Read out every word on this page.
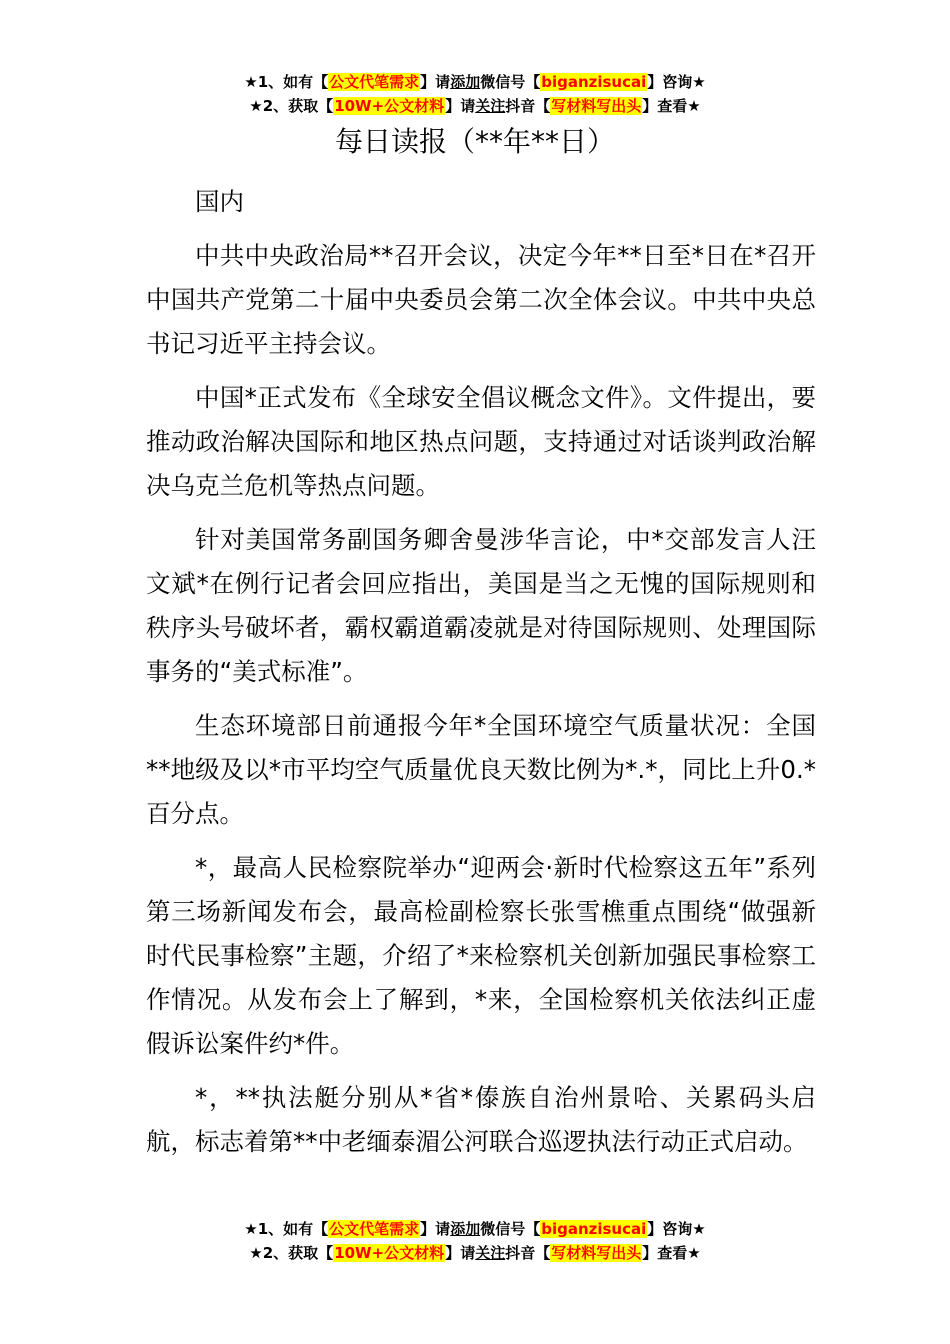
★1、如有【公文代笔需求】请添加微信号【biganzisucai】咨询★
★2、获取【10W+公文材料】请关注抖音【写材料写出头】查看★
每日读报（**年**日）

国内

中共中央政治局**召开会议，决定今年**日至*日在*召开中国共产党第二十届中央委员会第二次全体会议。中共中央总书记习近平主持会议。

中国*正式发布《全球安全倡议概念文件》。文件提出，要推动政治解决国际和地区热点问题，支持通过对话谈判政治解决乌克兰危机等热点问题。

针对美国常务副国务卿舍曼涉华言论，中*交部发言人汪文斌*在例行记者会回应指出，美国是当之无愧的国际规则和秩序头号破坏者，霸权霸道霸凌就是对待国际规则、处理国际事务的“美式标准”。

生态环境部日前通报今年*全国环境空气质量状况：全国**地级及以*市平均空气质量优良天数比例为*.*，同比上升0.*百分点。

*，最高人民检察院举办“迎两会·新时代检察这五年”系列第三场新闻发布会，最高检副检察长张雪樵重点围绕“做强新时代民事检察”主题，介绍了*来检察机关创新加强民事检察工作情况。从发布会上了解到，*来，全国检察机关依法纠正虚假诉讼案件约*件。

*，**执法艇分别从*省*傣族自治州景哈、关累码头启航，标志着第**中老缅泰湄公河联合巡逻执法行动正式启动。

★1、如有【公文代笔需求】请添加微信号【biganzisucai】咨询★
★2、获取【10W+公文材料】请关注抖音【写材料写出头】查看★
